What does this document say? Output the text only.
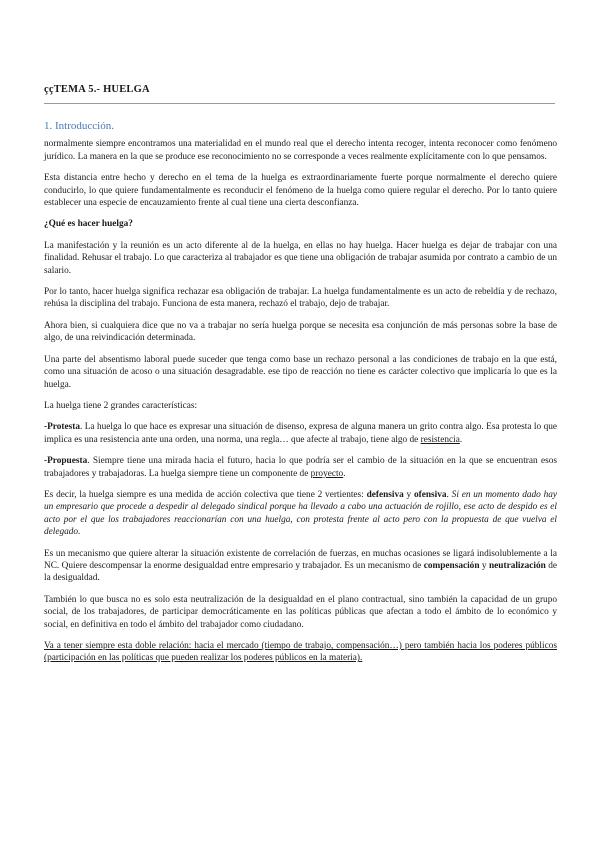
ççTEMA 5.- HUELGA
1. Introducción.

normalmente siempre encontramos una materialidad en el mundo real que el derecho intenta recoger, intenta reconocer como fenómeno jurídico. La manera en la que se produce ese reconocimiento no se corresponde a veces realmente explícitamente con lo que pensamos.

Esta distancia entre hecho y derecho en el tema de la huelga es extraordinariamente fuerte porque normalmente el derecho quiere conducirlo, lo que quiere fundamentalmente es reconducir el fenómeno de la huelga como quiere regular el derecho. Por lo tanto quiere establecer una especie de encauzamiento frente al cual tiene una cierta desconfianza.

¿Qué es hacer huelga?

La manifestación y la reunión es un acto diferente al de la huelga, en ellas no hay huelga. Hacer huelga es dejar de trabajar con una finalidad. Rehusar el trabajo. Lo que caracteriza al trabajador es que tiene una obligación de trabajar asumida por contrato a cambio de un salario.

Por lo tanto, hacer huelga significa rechazar esa obligación de trabajar. La huelga fundamentalmente es un acto de rebeldía y de rechazo, rehúsa la disciplina del trabajo. Funciona de esta manera, rechazó el trabajo, dejo de trabajar.

Ahora bien, si cualquiera dice que no va a trabajar no sería huelga porque se necesita esa conjunción de más personas sobre la base de algo, de una reivindicación determinada.

Una parte del absentismo laboral puede suceder que tenga como base un rechazo personal a las condiciones de trabajo en la que está, como una situación de acoso o una situación desagradable. ese tipo de reacción no tiene es carácter colectivo que implicaría lo que es la huelga.

La huelga tiene 2 grandes características:

-Protesta. La huelga lo que hace es expresar una situación de disenso, expresa de alguna manera un grito contra algo. Esa protesta lo que implica es una resistencia ante una orden, una norma, una regla… que afecte al trabajo, tiene algo de resistencia.

-Propuesta. Siempre tiene una mirada hacia el futuro, hacia lo que podría ser el cambio de la situación en la que se encuentran esos trabajadores y trabajadoras. La huelga siempre tiene un componente de proyecto.

Es decir, la huelga siempre es una medida de acción colectiva que tiene 2 vertientes: defensiva y ofensiva. Si en un momento dado hay un empresario que procede a despedir al delegado sindical porque ha llevado a cabo una actuación de rojillo, ese acto de despido es el acto por el que los trabajadores reaccionarían con una huelga, con protesta frente al acto pero con la propuesta de que vuelva el delegado.

Es un mecanismo que quiere alterar la situación existente de correlación de fuerzas, en muchas ocasiones se ligará indisolublemente a la NC. Quiere descompensar la enorme desigualdad entre empresario y trabajador. Es un mecanismo de compensación y neutralización de la desigualdad.

También lo que busca no es solo esta neutralización de la desigualdad en el plano contractual, sino también la capacidad de un grupo social, de los trabajadores, de participar democráticamente en las políticas públicas que afectan a todo el ámbito de lo económico y social, en definitiva en todo el ámbito del trabajador como ciudadano.

Va a tener siempre esta doble relación: hacia el mercado (tiempo de trabajo, compensación…) pero también hacia los poderes públicos (participación en las políticas que pueden realizar los poderes públicos en la materia).
